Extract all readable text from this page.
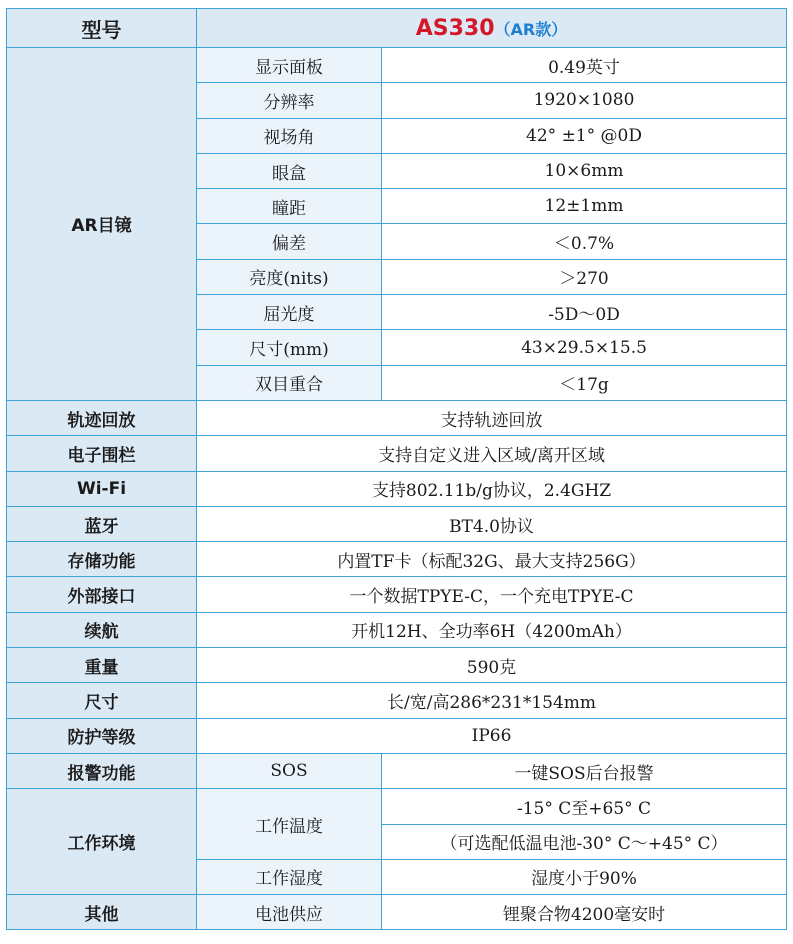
型号	AS330（AR款）	
AR目镜	显示面板	0.49英寸
	分辨率	1920×1080
	视场角	42° ±1° @0D
	眼盒	10×6mm
	瞳距	12±1mm
	偏差	＜0.7%
	亮度(nits)	＞270
	屈光度	-5D～0D
	尺寸(mm)	43×29.5×15.5
	双目重合	＜17g
轨迹回放	支持轨迹回放	
电子围栏	支持自定义进入区域/离开区域	
Wi-Fi	支持802.11b/g协议，2.4GHZ	
蓝牙	BT4.0协议	
存储功能	内置TF卡（标配32G、最大支持256G）	
外部接口	一个数据TPYE-C，一个充电TPYE-C	
续航	开机12H、全功率6H（4200mAh）	
重量	590克	
尺寸	长/宽/高286*231*154mm	
防护等级	IP66	
报警功能	SOS	一键SOS后台报警
工作环境	工作温度	-15° C至+65° C
		（可选配低温电池-30° C～+45° C）
	工作湿度	湿度小于90%
其他	电池供应	锂聚合物4200毫安时
